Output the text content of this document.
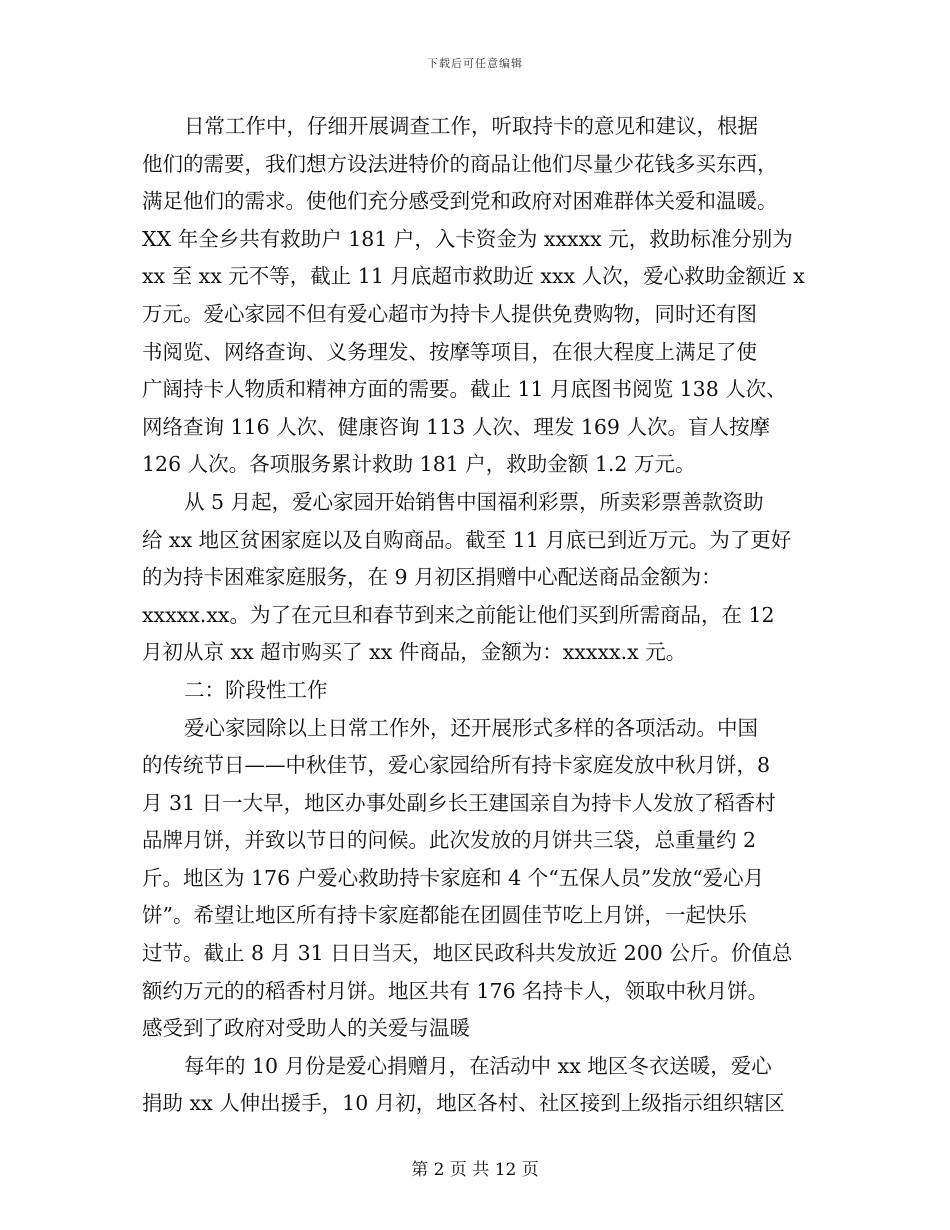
下载后可任意编辑
日常工作中，仔细开展调查工作，听取持卡的意见和建议，根据
他们的需要，我们想方设法进特价的商品让他们尽量少花钱多买东西，
满足他们的需求。使他们充分感受到党和政府对困难群体关爱和温暖。
XX 年全乡共有救助户 181 户，入卡资金为 xxxxx 元，救助标准分别为
xx 至 xx 元不等，截止 11 月底超市救助近 xxx 人次，爱心救助金额近 x
万元。爱心家园不但有爱心超市为持卡人提供免费购物，同时还有图
书阅览、网络查询、义务理发、按摩等项目，在很大程度上满足了使
广阔持卡人物质和精神方面的需要。截止 11 月底图书阅览 138 人次、
网络查询 116 人次、健康咨询 113 人次、理发 169 人次。盲人按摩
126 人次。各项服务累计救助 181 户，救助金额 1.2 万元。
从 5 月起，爱心家园开始销售中国福利彩票，所卖彩票善款资助
给 xx 地区贫困家庭以及自购商品。截至 11 月底已到近万元。为了更好
的为持卡困难家庭服务，在 9 月初区捐赠中心配送商品金额为：
xxxxx.xx。为了在元旦和春节到来之前能让他们买到所需商品，在 12
月初从京 xx 超市购买了 xx 件商品，金额为：xxxxx.x 元。
二：阶段性工作
爱心家园除以上日常工作外，还开展形式多样的各项活动。中国
的传统节日——中秋佳节，爱心家园给所有持卡家庭发放中秋月饼，8
月 31 日一大早，地区办事处副乡长王建国亲自为持卡人发放了稻香村
品牌月饼，并致以节日的问候。此次发放的月饼共三袋，总重量约 2
斤。地区为 176 户爱心救助持卡家庭和 4 个“五保人员”发放“爱心月
饼”。希望让地区所有持卡家庭都能在团圆佳节吃上月饼，一起快乐
过节。截止 8 月 31 日日当天，地区民政科共发放近 200 公斤。价值总
额约万元的的稻香村月饼。地区共有 176 名持卡人，领取中秋月饼。
感受到了政府对受助人的关爱与温暖
每年的 10 月份是爱心捐赠月，在活动中 xx 地区冬衣送暖，爱心
捐助 xx 人伸出援手，10 月初，地区各村、社区接到上级指示组织辖区
第 2 页 共 12 页
